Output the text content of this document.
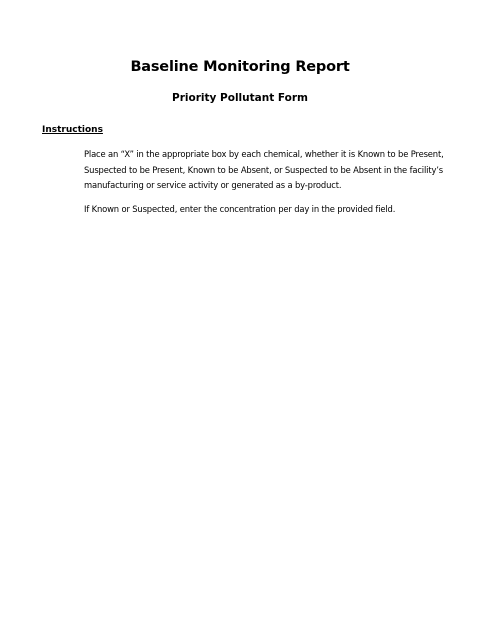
Baseline Monitoring Report
Priority Pollutant Form
Instructions
Place an “X” in the appropriate box by each chemical, whether it is Known to be Present, Suspected to be Present, Known to be Absent, or Suspected to be Absent in the facility’s manufacturing or service activity or generated as a by-product.
If Known or Suspected, enter the concentration per day in the provided field.
